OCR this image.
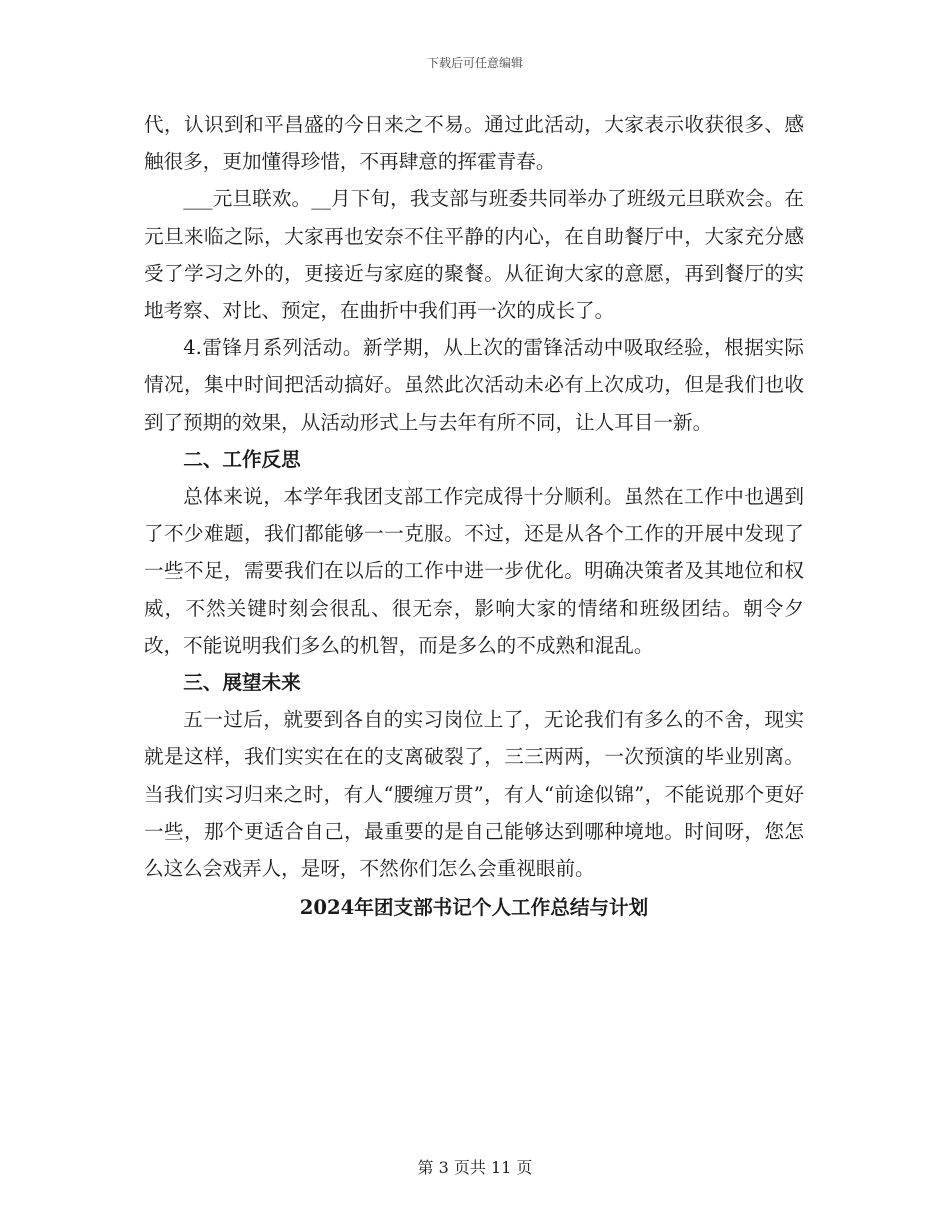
下载后可任意编辑

代，认识到和平昌盛的今日来之不易。通过此活动，大家表示收获很多、感触很多，更加懂得珍惜，不再肆意的挥霍青春。

___元旦联欢。__月下旬，我支部与班委共同举办了班级元旦联欢会。在元旦来临之际，大家再也安奈不住平静的内心，在自助餐厅中，大家充分感受了学习之外的，更接近与家庭的聚餐。从征询大家的意愿，再到餐厅的实地考察、对比、预定，在曲折中我们再一次的成长了。

4.雷锋月系列活动。新学期，从上次的雷锋活动中吸取经验，根据实际情况，集中时间把活动搞好。虽然此次活动未必有上次成功，但是我们也收到了预期的效果，从活动形式上与去年有所不同，让人耳目一新。

二、工作反思

总体来说，本学年我团支部工作完成得十分顺利。虽然在工作中也遇到了不少难题，我们都能够一一克服。不过，还是从各个工作的开展中发现了一些不足，需要我们在以后的工作中进一步优化。明确决策者及其地位和权威，不然关键时刻会很乱、很无奈，影响大家的情绪和班级团结。朝令夕改，不能说明我们多么的机智，而是多么的不成熟和混乱。

三、展望未来

五一过后，就要到各自的实习岗位上了，无论我们有多么的不舍，现实就是这样，我们实实在在的支离破裂了，三三两两，一次预演的毕业别离。当我们实习归来之时，有人“腰缠万贯”，有人“前途似锦”，不能说那个更好一些，那个更适合自己，最重要的是自己能够达到哪种境地。时间呀，您怎么这么会戏弄人，是呀，不然你们怎么会重视眼前。

2024年团支部书记个人工作总结与计划

第 3 页共 11 页
